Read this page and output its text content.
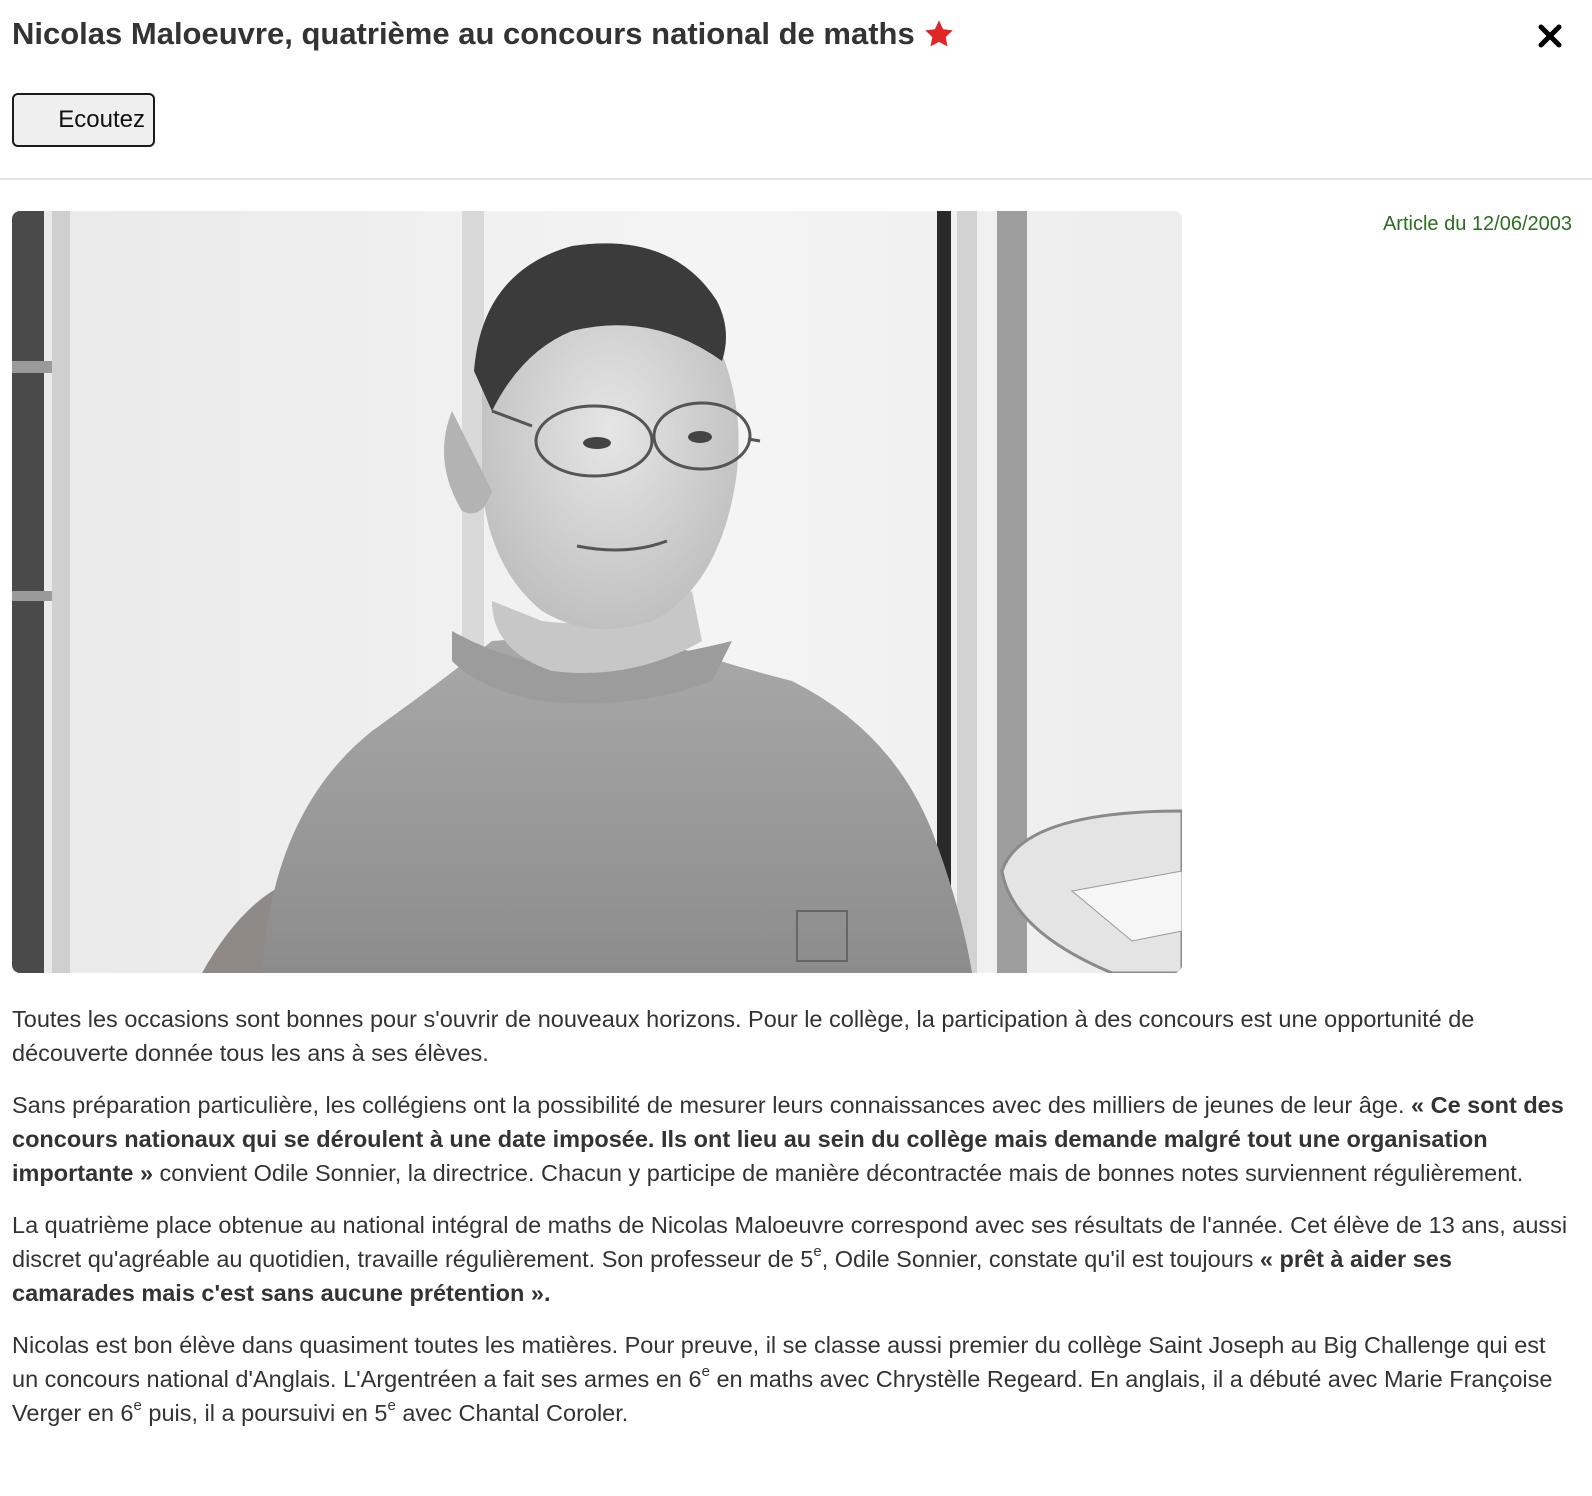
Nicolas Maloeuvre, quatrième au concours national de maths
Ecoutez
Article du 12/06/2003

Toutes les occasions sont bonnes pour s'ouvrir de nouveaux horizons. Pour le collège, la participation à des concours est une opportunité de découverte donnée tous les ans à ses élèves.

Sans préparation particulière, les collégiens ont la possibilité de mesurer leurs connaissances avec des milliers de jeunes de leur âge. « Ce sont des concours nationaux qui se déroulent à une date imposée. Ils ont lieu au sein du collège mais demande malgré tout une organisation importante » convient Odile Sonnier, la directrice. Chacun y participe de manière décontractée mais de bonnes notes surviennent régulièrement.

La quatrième place obtenue au national intégral de maths de Nicolas Maloeuvre correspond avec ses résultats de l'année. Cet élève de 13 ans, aussi discret qu'agréable au quotidien, travaille régulièrement. Son professeur de 5e, Odile Sonnier, constate qu'il est toujours « prêt à aider ses camarades mais c'est sans aucune prétention ».

Nicolas est bon élève dans quasiment toutes les matières. Pour preuve, il se classe aussi premier du collège Saint Joseph au Big Challenge qui est un concours national d'Anglais. L'Argentréen a fait ses armes en 6e en maths avec Chrystèlle Regeard. En anglais, il a débuté avec Marie Françoise Verger en 6e puis, il a poursuivi en 5e avec Chantal Coroler.
